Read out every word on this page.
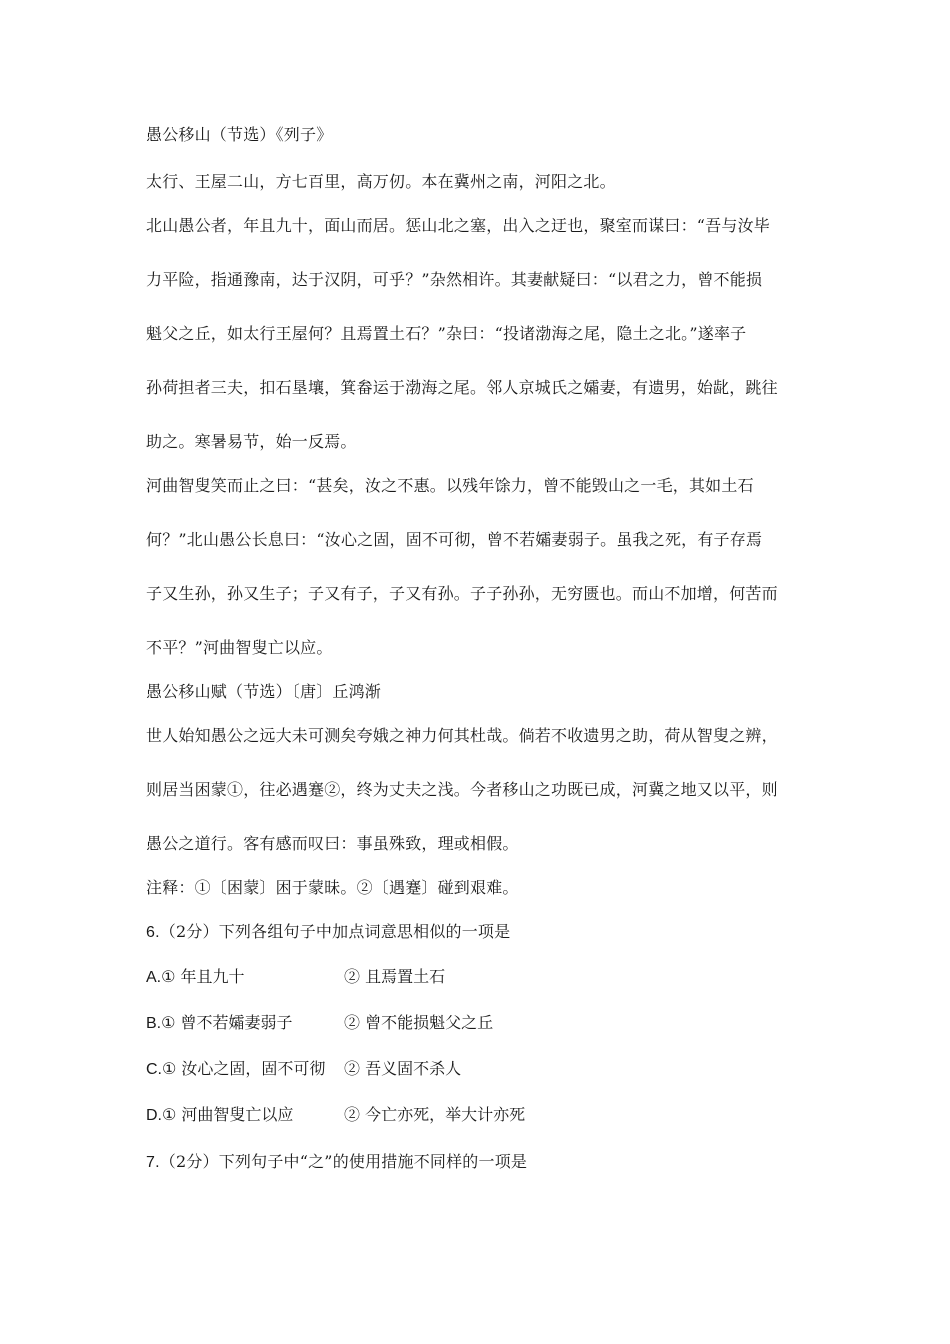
愚公移山（节选）《列子》
太行、王屋二山，方七百里，高万仞。本在冀州之南，河阳之北。
北山愚公者，年且九十，面山而居。惩山北之塞，出入之迂也，聚室而谋曰：“吾与汝毕
力平险，指通豫南，达于汉阴，可乎？”杂然相许。其妻献疑曰：“以君之力，曾不能损
魁父之丘，如太行王屋何？且焉置土石？”杂曰：“投诸渤海之尾，隐土之北。”遂率子
孙荷担者三夫，扣石垦壤，箕畚运于渤海之尾。邻人京城氏之孀妻，有遗男，始龀，跳往
助之。寒暑易节，始一反焉。
河曲智叟笑而止之曰：“甚矣，汝之不惠。以残年馀力，曾不能毁山之一毛，其如土石
何？”北山愚公长息曰：“汝心之固，固不可彻，曾不若孀妻弱子。虽我之死，有子存焉
子又生孙，孙又生子；子又有子，子又有孙。子子孙孙，无穷匮也。而山不加增，何苦而
不平？”河曲智叟亡以应。
愚公移山赋（节选）〔唐〕丘鸿渐
世人始知愚公之远大未可测矣夸娥之神力何其杜哉。倘若不收遗男之助，荷从智叟之辨，
则居当困蒙①，往必遇蹇②，终为丈夫之浅。今者移山之功既已成，河冀之地又以平，则
愚公之道行。客有感而叹曰：事虽殊致，理或相假。
注释：①〔困蒙〕困于蒙昧。②〔遇蹇〕碰到艰难。
6.（2分）下列各组句子中加点词意思相似的一项是
A.① 年且九十	② 且焉置土石
B.① 曾不若孀妻弱子	② 曾不能损魁父之丘
C.① 汝心之固，固不可彻 ② 吾义固不杀人
D.① 河曲智叟亡以应	② 今亡亦死，举大计亦死
7.（2分）下列句子中“之”的使用措施不同样的一项是
